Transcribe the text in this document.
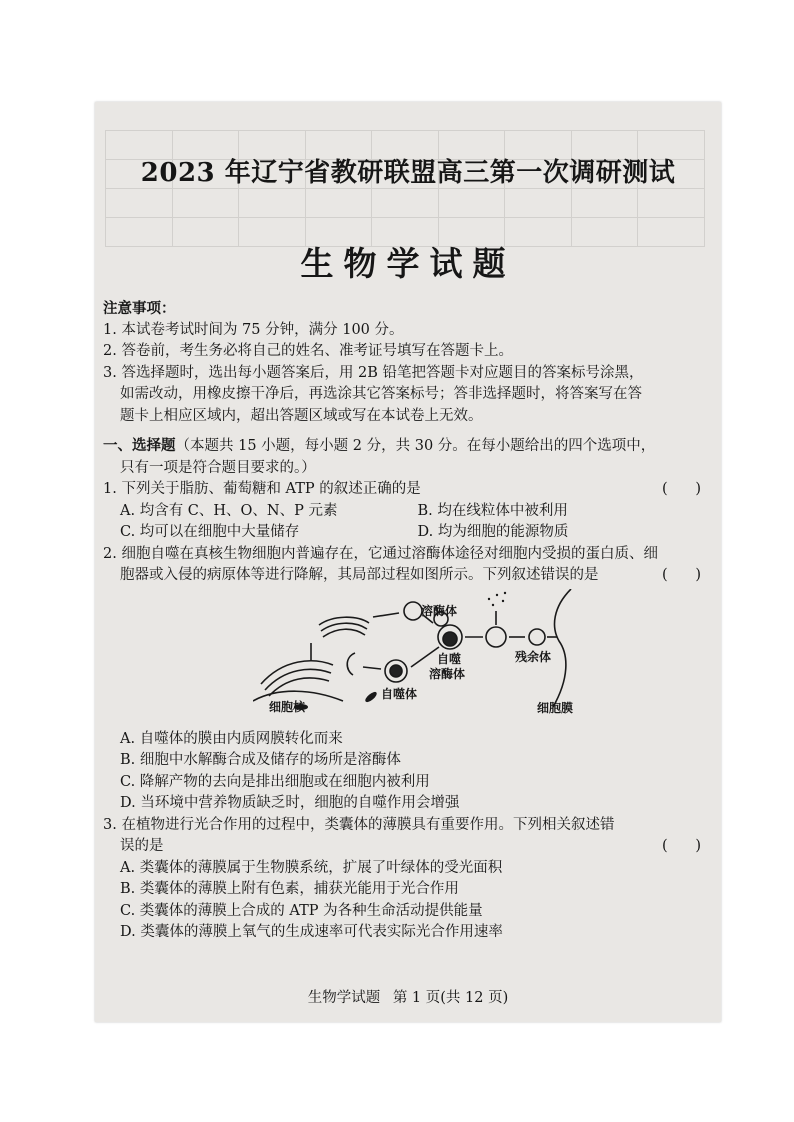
2023 年辽宁省教研联盟高三第一次调研测试
生物学试题

注意事项：

1. 本试卷考试时间为 75 分钟，满分 100 分。

2. 答卷前，考生务必将自己的姓名、准考证号填写在答题卡上。

3. 答选择题时，选出每小题答案后，用 2B 铅笔把答题卡对应题目的答案标号涂黑，

如需改动，用橡皮擦干净后，再选涂其它答案标号；答非选择题时，将答案写在答

题卡上相应区域内，超出答题区域或写在本试卷上无效。

一、选择题（本题共 15 小题，每小题 2 分，共 30 分。在每小题给出的四个选项中，

只有一项是符合题目要求的。）

1. 下列关于脂肪、葡萄糖和 ATP 的叙述正确的是	(      )
A. 均含有 C、H、O、N、P 元素	B. 均在线粒体中被利用
C. 均可以在细胞中大量储存	D. 均为细胞的能源物质

2. 细胞自噬在真核生物细胞内普遍存在，它通过溶酶体途径对细胞内受损的蛋白质、细

胞器或入侵的病原体等进行降解，其局部过程如图所示。下列叙述错误的是	(      )
溶酶体
自噬
溶酶体
残余体
细胞核
自噬体
细胞膜

A. 自噬体的膜由内质网膜转化而来

B. 细胞中水解酶合成及储存的场所是溶酶体

C. 降解产物的去向是排出细胞或在细胞内被利用

D. 当环境中营养物质缺乏时，细胞的自噬作用会增强

3. 在植物进行光合作用的过程中，类囊体的薄膜具有重要作用。下列相关叙述错

误的是	(      )

A. 类囊体的薄膜属于生物膜系统，扩展了叶绿体的受光面积

B. 类囊体的薄膜上附有色素，捕获光能用于光合作用

C. 类囊体的薄膜上合成的 ATP 为各种生命活动提供能量

D. 类囊体的薄膜上氧气的生成速率可代表实际光合作用速率

生物学试题 第 1 页(共 12 页)
